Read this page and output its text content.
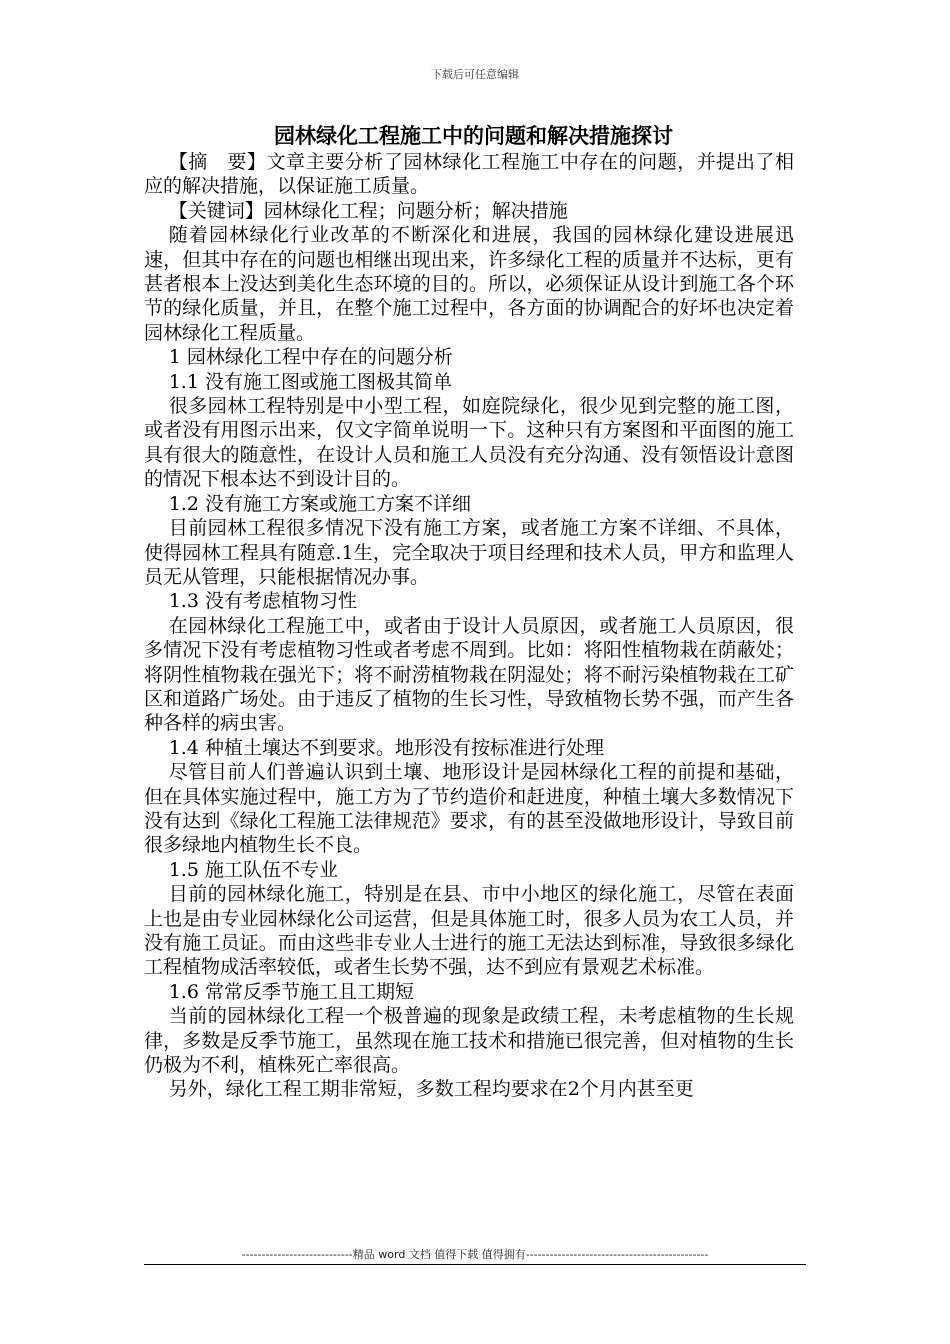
下载后可任意编辑
园林绿化工程施工中的问题和解决措施探讨

【摘　要】文章主要分析了园林绿化工程施工中存在的问题，并提出了相应的解决措施，以保证施工质量。

【关键词】园林绿化工程；问题分析；解决措施

随着园林绿化行业改革的不断深化和进展，我国的园林绿化建设进展迅速，但其中存在的问题也相继出现出来，许多绿化工程的质量并不达标，更有甚者根本上没达到美化生态环境的目的。所以，必须保证从设计到施工各个环节的绿化质量，并且，在整个施工过程中，各方面的协调配合的好坏也决定着园林绿化工程质量。

1 园林绿化工程中存在的问题分析

1.1 没有施工图或施工图极其简单

很多园林工程特别是中小型工程，如庭院绿化，很少见到完整的施工图，或者没有用图示出来，仅文字简单说明一下。这种只有方案图和平面图的施工具有很大的随意性，在设计人员和施工人员没有充分沟通、没有领悟设计意图的情况下根本达不到设计目的。

1.2 没有施工方案或施工方案不详细

目前园林工程很多情况下没有施工方案，或者施工方案不详细、不具体，使得园林工程具有随意.1生，完全取决于项目经理和技术人员，甲方和监理人员无从管理，只能根据情况办事。

1.3 没有考虑植物习性

在园林绿化工程施工中，或者由于设计人员原因，或者施工人员原因，很多情况下没有考虑植物习性或者考虑不周到。比如：将阳性植物栽在荫蔽处；将阴性植物栽在强光下；将不耐涝植物栽在阴湿处；将不耐污染植物栽在工矿区和道路广场处。由于违反了植物的生长习性，导致植物长势不强，而产生各种各样的病虫害。

1.4 种植土壤达不到要求。地形没有按标准进行处理

尽管目前人们普遍认识到土壤、地形设计是园林绿化工程的前提和基础，但在具体实施过程中，施工方为了节约造价和赶进度，种植土壤大多数情况下没有达到《绿化工程施工法律规范》要求，有的甚至没做地形设计，导致目前很多绿地内植物生长不良。

1.5 施工队伍不专业

目前的园林绿化施工，特别是在县、市中小地区的绿化施工，尽管在表面上也是由专业园林绿化公司运营，但是具体施工时，很多人员为农工人员，并没有施工员证。而由这些非专业人士进行的施工无法达到标准，导致很多绿化工程植物成活率较低，或者生长势不强，达不到应有景观艺术标准。

1.6 常常反季节施工且工期短

当前的园林绿化工程一个极普遍的现象是政绩工程，未考虑植物的生长规律，多数是反季节施工，虽然现在施工技术和措施已很完善，但对植物的生长仍极为不利，植株死亡率很高。

另外，绿化工程工期非常短，多数工程均要求在2个月内甚至更

----------------------------精品 word 文档 值得下载 值得拥有----------------------------------------------
